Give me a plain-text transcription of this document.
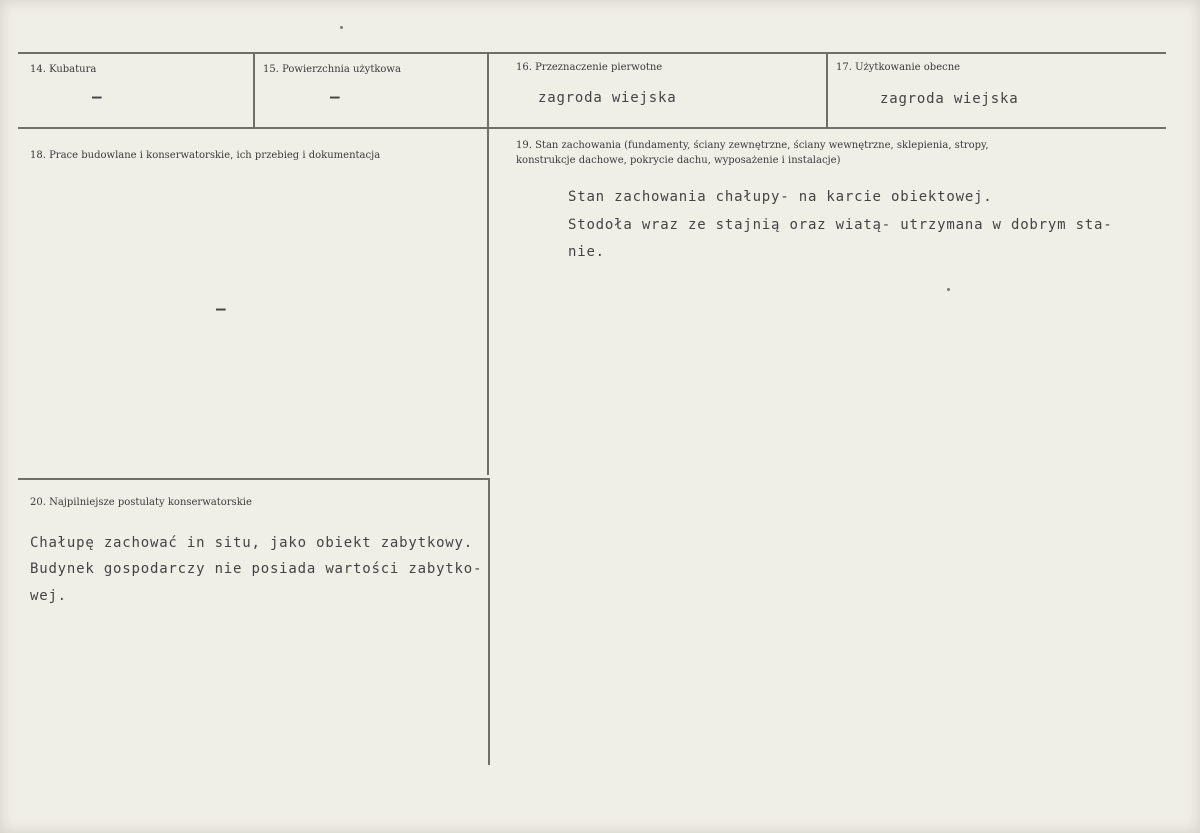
14. Kubatura
–
15. Powierzchnia użytkowa
–
16. Przeznaczenie pierwotne
zagroda wiejska
17. Użytkowanie obecne
zagroda wiejska
18. Prace budowlane i konserwatorskie, ich przebieg i dokumentacja
–
19. Stan zachowania (fundamenty, ściany zewnętrzne, ściany wewnętrzne, sklepienia, stropy,
konstrukcje dachowe, pokrycie dachu, wyposażenie i instalacje)
Stan zachowania chałupy- na karcie obiektowej.
Stodoła wraz ze stajnią oraz wiatą- utrzymana w dobrym sta-
nie.
20. Najpilniejsze postulaty konserwatorskie
Chałupę zachować in situ, jako obiekt zabytkowy.
Budynek gospodarczy nie posiada wartości zabytko-
wej.
